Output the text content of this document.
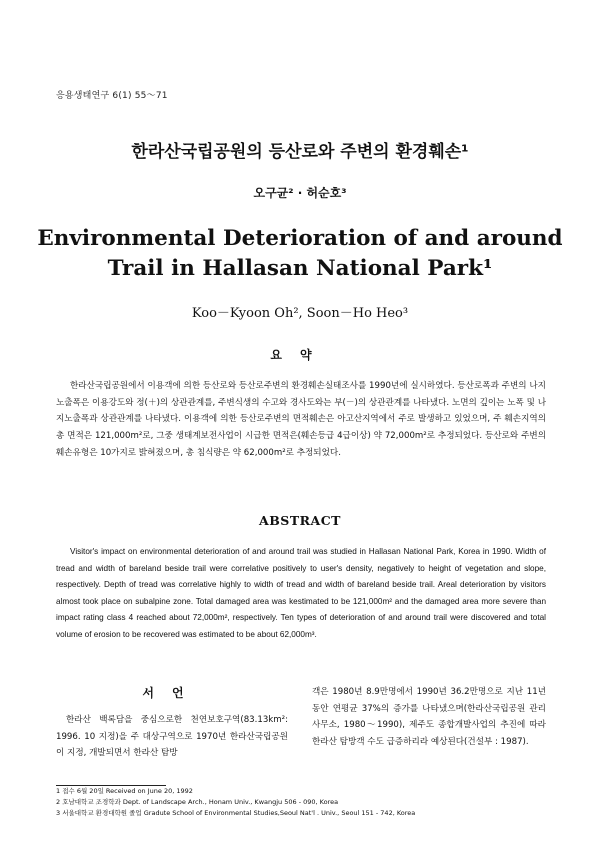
응용생태연구 6(1) 55～71
한라산국립공원의 등산로와 주변의 환경훼손¹
오구균² · 허순호³
Environmental Deterioration of and around
Trail in Hallasan National Park¹
Koo－Kyoon Oh², Soon－Ho Heo³
요약
한라산국립공원에서 이용객에 의한 등산로와 등산로주변의 환경훼손실태조사를 1990년에 실시하였다. 등산로폭과 주변의 나지노출폭은 이용강도와 정(＋)의 상관관계를, 주변식생의 수고와 경사도와는 부(－)의 상관관계를 나타냈다. 노면의 깊이는 노폭 및 나지노출폭과 상관관계를 나타냈다. 이용객에 의한 등산로주변의 면적훼손은 아고산지역에서 주로 발생하고 있었으며, 주 훼손지역의 총 면적은 121,000m²로, 그중 생태계보전사업이 시급한 면적은(훼손등급 4급이상) 약 72,000m²로 추정되었다. 등산로와 주변의 훼손유형은 10가지로 밝혀졌으며, 총 침식량은 약 62,000m²로 추정되었다.
ABSTRACT
Visitor's impact on environmental deterioration of and around trail was studied in Hallasan National Park, Korea in 1990. Width of tread and width of bareland beside trail were correlative positively to user's density, negatively to height of vegetation and slope, respectively. Depth of tread was correlative highly to width of tread and width of bareland beside trail. Areal deterioration by visitors almost took place on subalpine zone. Total damaged area was kestimated to be 121,000m² and the damaged area more severe than impact rating class 4 reached about 72,000m², respectively. Ten types of deterioration of and around trail were discovered and total volume of erosion to be recovered was estimated to be about 62,000m³.
서언
한라산 백록담을 중심으로한 천연보호구역(83.13km²: 1996. 10 지정)을 주 대상구역으로 1970년 한라산국립공원이 지정, 개발되면서 한라산 탐방
객은 1980년 8.9만명에서 1990년 36.2만명으로 지난 11년 동안 연평균 37%의 증가를 나타냈으며(한라산국립공원 관리사무소, 1980～1990), 제주도 종합개발사업의 추진에 따라 한라산 탐방객 수도 급증하리라 예상된다(건설부 : 1987).
1 접수 6월 20일 Received on June 20, 1992
2 호남대학교 조경학과 Dept. of Landscape Arch., Honam Univ., Kwangju 506 - 090, Korea
3 서울대학교 환경대학원 졸업 Gradute School of Environmental Studies,Seoul Nat'l . Univ., Seoul 151 - 742, Korea
